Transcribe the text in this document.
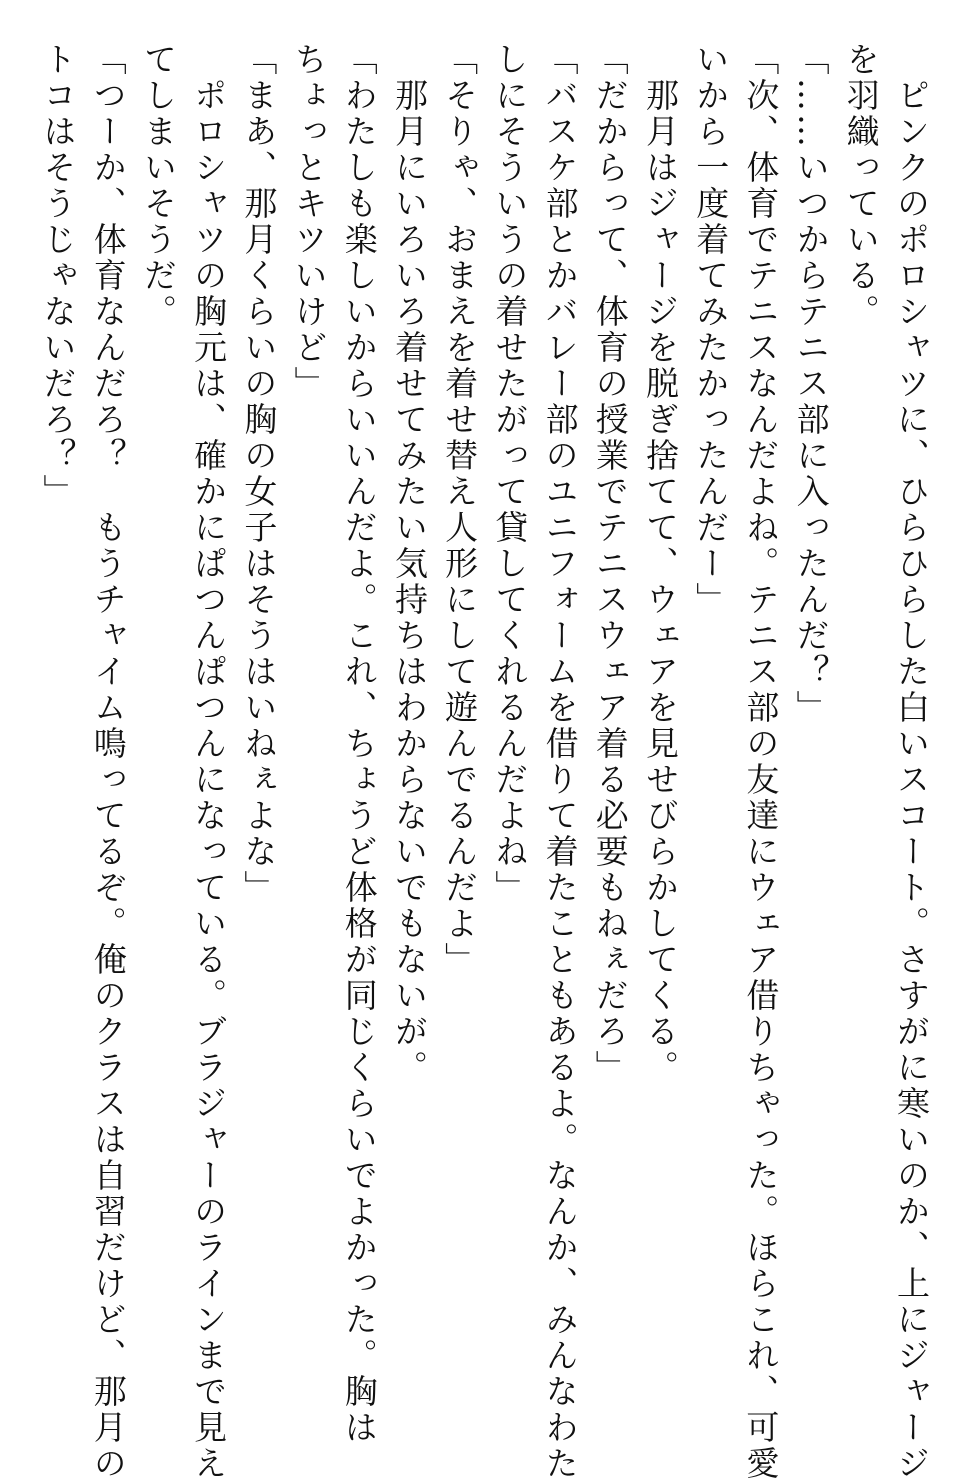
　ピンクのポロシャツに、ひらひらした白いスコート。さすがに寒いのか、上にジャージ
を羽織っている。
「……いつからテニス部に入ったんだ？」
「次、体育でテニスなんだよね。テニス部の友達にウェア借りちゃった。ほらこれ、可愛
いから一度着てみたかったんだー」
　那月はジャージを脱ぎ捨てて、ウェアを見せびらかしてくる。
「だからって、体育の授業でテニスウェア着る必要もねぇだろ」
「バスケ部とかバレー部のユニフォームを借りて着たこともあるよ。なんか、みんなわた
しにそういうの着せたがって貸してくれるんだよね」
「そりゃ、おまえを着せ替え人形にして遊んでるんだよ」
　那月にいろいろ着せてみたい気持ちはわからないでもないが。
「わたしも楽しいからいいんだよ。これ、ちょうど体格が同じくらいでよかった。胸は
ちょっとキツいけど」
「まあ、那月くらいの胸の女子はそうはいねぇよな」
　ポロシャツの胸元は、確かにぱつんぱつんになっている。ブラジャーのラインまで見え
てしまいそうだ。
「つーか、体育なんだろ？　もうチャイム鳴ってるぞ。俺のクラスは自習だけど、那月の
トコはそうじゃないだろ？」
